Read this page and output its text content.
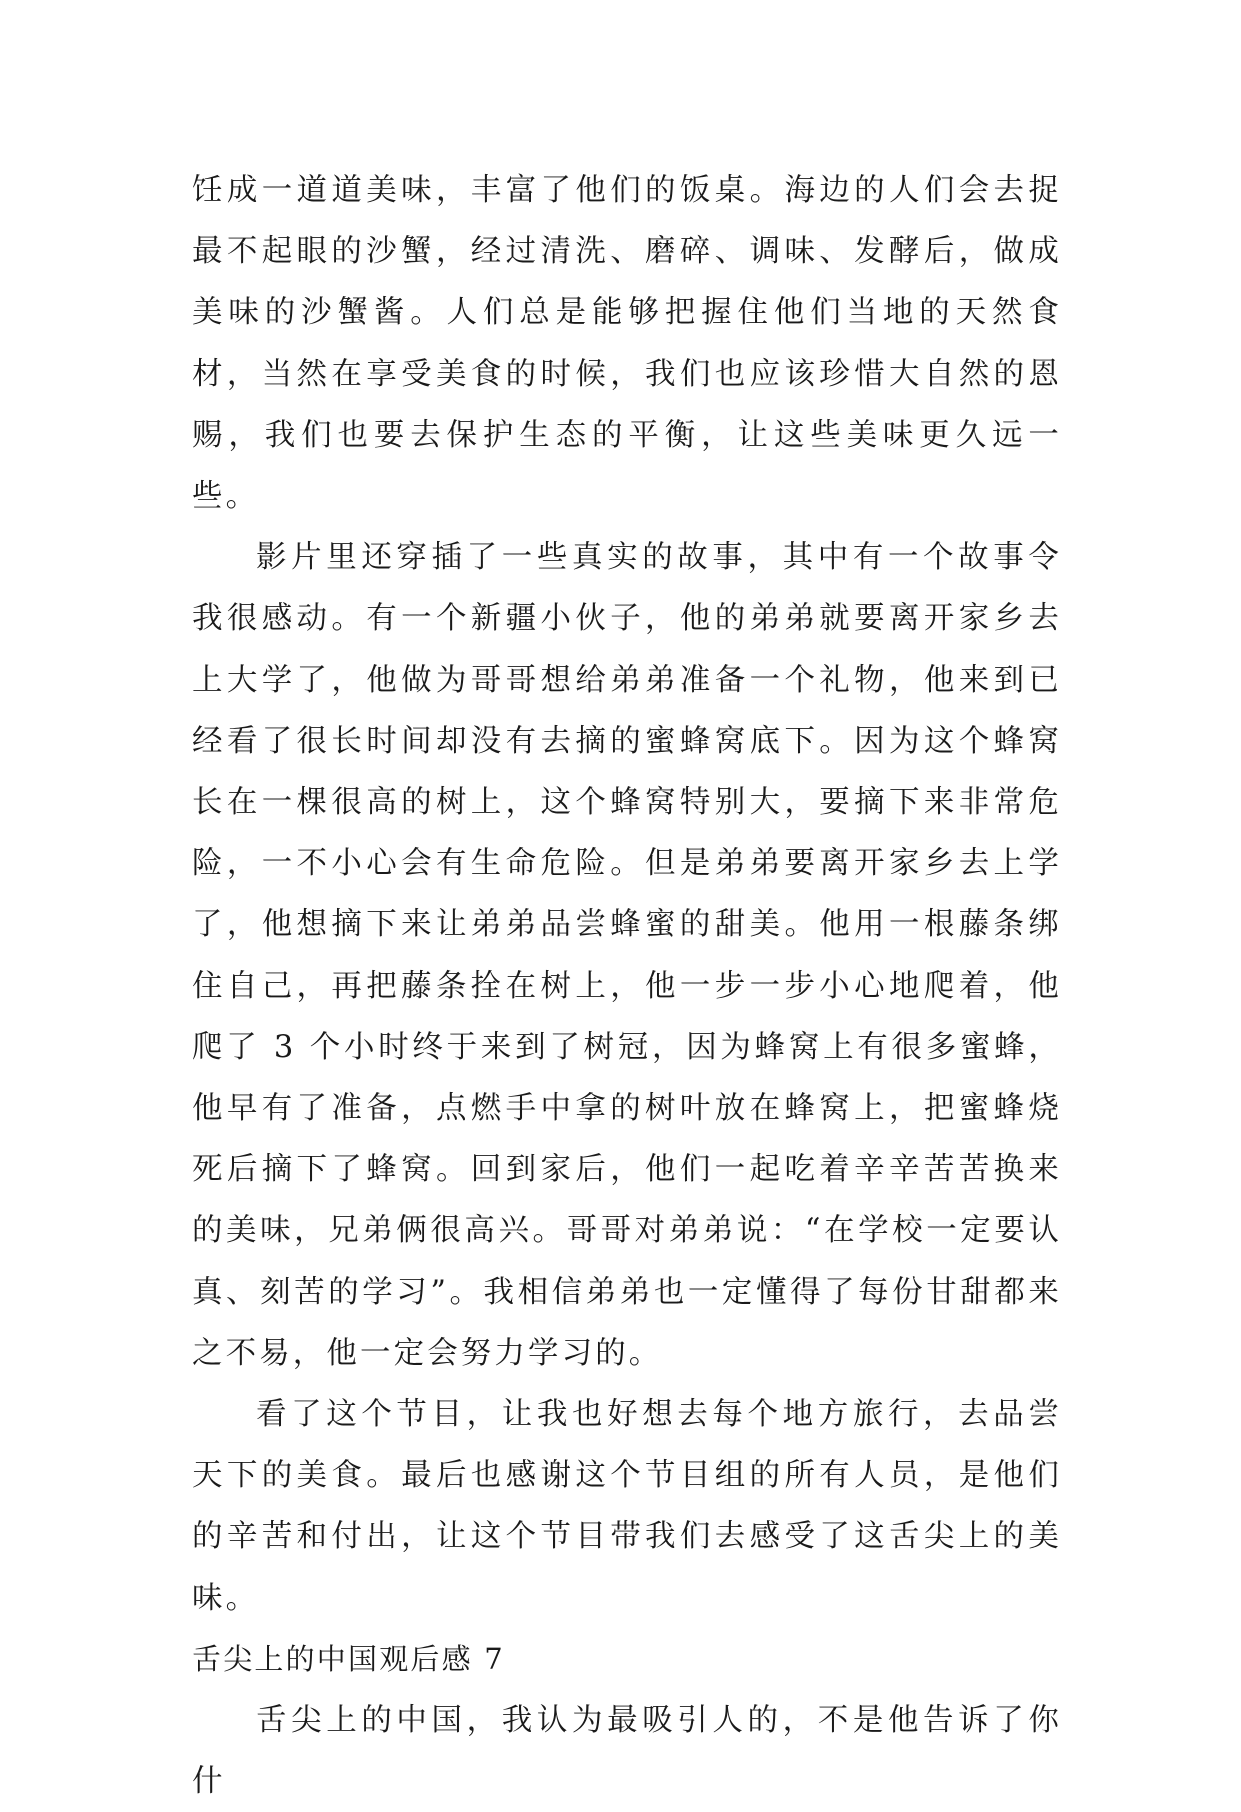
饪成一道道美味，丰富了他们的饭桌。海边的人们会去捉最不起眼的沙蟹，经过清洗、磨碎、调味、发酵后，做成美味的沙蟹酱。人们总是能够把握住他们当地的天然食材，当然在享受美食的时候，我们也应该珍惜大自然的恩赐，我们也要去保护生态的平衡，让这些美味更久远一些。

影片里还穿插了一些真实的故事，其中有一个故事令我很感动。有一个新疆小伙子，他的弟弟就要离开家乡去上大学了，他做为哥哥想给弟弟准备一个礼物，他来到已经看了很长时间却没有去摘的蜜蜂窝底下。因为这个蜂窝长在一棵很高的树上，这个蜂窝特别大，要摘下来非常危险，一不小心会有生命危险。但是弟弟要离开家乡去上学了，他想摘下来让弟弟品尝蜂蜜的甜美。他用一根藤条绑住自己，再把藤条拴在树上，他一步一步小心地爬着，他爬了 3 个小时终于来到了树冠，因为蜂窝上有很多蜜蜂，他早有了准备，点燃手中拿的树叶放在蜂窝上，把蜜蜂烧死后摘下了蜂窝。回到家后，他们一起吃着辛辛苦苦换来的美味，兄弟俩很高兴。哥哥对弟弟说：“在学校一定要认真、刻苦的学习”。我相信弟弟也一定懂得了每份甘甜都来之不易，他一定会努力学习的。

看了这个节目，让我也好想去每个地方旅行，去品尝天下的美食。最后也感谢这个节目组的所有人员，是他们的辛苦和付出，让这个节目带我们去感受了这舌尖上的美味。

舌尖上的中国观后感 7

舌尖上的中国，我认为最吸引人的，不是他告诉了你什
